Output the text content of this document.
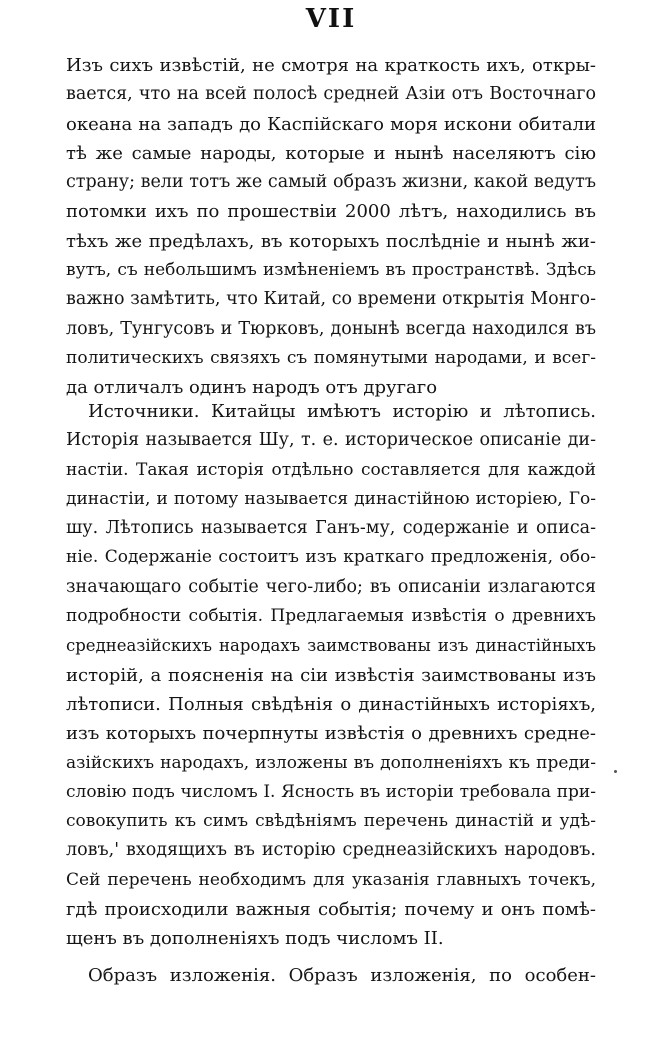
VII
Изъ сихъ извѣстій, не смотря на краткость ихъ, откры-
вается, что на всей полосѣ средней Азіи отъ Восточнаго
океана на западъ до Каспійскаго моря искони обитали
тѣ же самые народы, которые и нынѣ населяютъ сію
страну; вели тотъ же самый образъ жизни, какой ведутъ
потомки ихъ по прошествіи 2000 лѣтъ, находились въ
тѣхъ же предѣлахъ, въ которыхъ послѣдніе и нынѣ жи-
вутъ, съ небольшимъ измѣненіемъ въ пространствѣ. Здѣсь
важно замѣтить, что Китай, со времени открытія Монго-
ловъ, Тунгусовъ и Тюрковъ, донынѣ всегда находился въ
политическихъ связяхъ съ помянутыми народами, и всег-
да отличалъ одинъ народъ отъ другаго
Источники. Китайцы имѣютъ исторію и лѣтопись.
Исторія называется Шу, т. е. историческое описаніе ди-
настіи. Такая исторія отдѣльно составляется для каждой
династіи, и потому называется династійною исторіею, Го-
шу. Лѣтопись называется Ганъ-му, содержаніе и описа-
ніе. Содержаніе состоитъ изъ краткаго предложенія, обо-
значающаго событіе чего-либо; въ описаніи излагаются
подробности событія. Предлагаемыя извѣстія о древнихъ
среднеазійскихъ народахъ заимствованы изъ династійныхъ
исторій, а поясненія на сіи извѣстія заимствованы изъ
лѣтописи. Полныя свѣдѣнія о династійныхъ исторіяхъ,
изъ которыхъ почерпнуты извѣстія о древнихъ средне-
азійскихъ народахъ, изложены въ дополненіяхъ къ преди-
словію подъ числомъ I. Ясность въ исторіи требовала при-
совокупить къ симъ свѣдѣніямъ перечень династій и удѣ-
ловъ,' входящихъ въ исторію среднеазійскихъ народовъ.
Сей перечень необходимъ для указанія главныхъ точекъ,
гдѣ происходили важныя событія; почему и онъ помѣ-
щенъ въ дополненіяхъ подъ числомъ II.
Образъ изложенія. Образъ изложенія, по особен-
